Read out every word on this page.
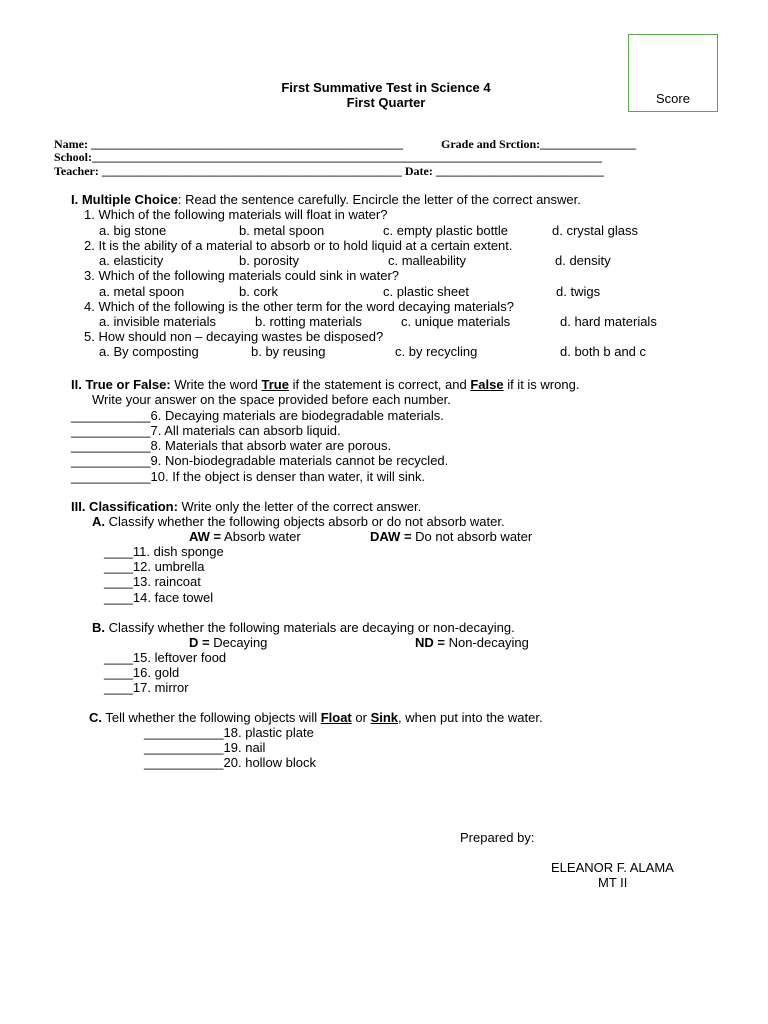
Score
First Summative Test in Science 4
First Quarter
Name: ____________________________________________________	Grade and Srction:________________
School:_____________________________________________________________________________________
Teacher: __________________________________________________ Date: ____________________________
I. Multiple Choice: Read the sentence carefully. Encircle the letter of the correct answer.
1. Which of the following materials will float in water?
a. big stone	b. metal spoon	c. empty plastic bottle	d. crystal glass
2. It is the ability of a material to absorb or to hold liquid at a certain extent.
a. elasticity	b. porosity	c. malleability	d. density
3. Which of the following materials could sink in water?
a. metal spoon	b. cork	c. plastic sheet	d. twigs
4. Which of the following is the other term for the word decaying materials?
a. invisible materials	b. rotting materials	c. unique materials	d. hard materials
5. How should non – decaying wastes be disposed?
a. By composting	b. by reusing	c. by recycling	d. both b and c
II. True or False: Write the word True if the statement is correct, and False if it is wrong.
Write your answer on the space provided before each number.
___________6. Decaying materials are biodegradable materials.
___________7. All materials can absorb liquid.
___________8. Materials that absorb water are porous.
___________9. Non-biodegradable materials cannot be recycled.
___________10. If the object is denser than water, it will sink.
III. Classification: Write only the letter of the correct answer.
A. Classify whether the following objects absorb or do not absorb water.
AW = Absorb water	DAW = Do not absorb water
____11. dish sponge
____12. umbrella
____13. raincoat
____14. face towel
B. Classify whether the following materials are decaying or non-decaying.
D = Decaying	ND = Non-decaying
____15. leftover food
____16. gold
____17. mirror
C. Tell whether the following objects will Float or Sink, when put into the water.
___________18. plastic plate
___________19. nail
___________20. hollow block
Prepared by:
ELEANOR F. ALAMA
MT II
